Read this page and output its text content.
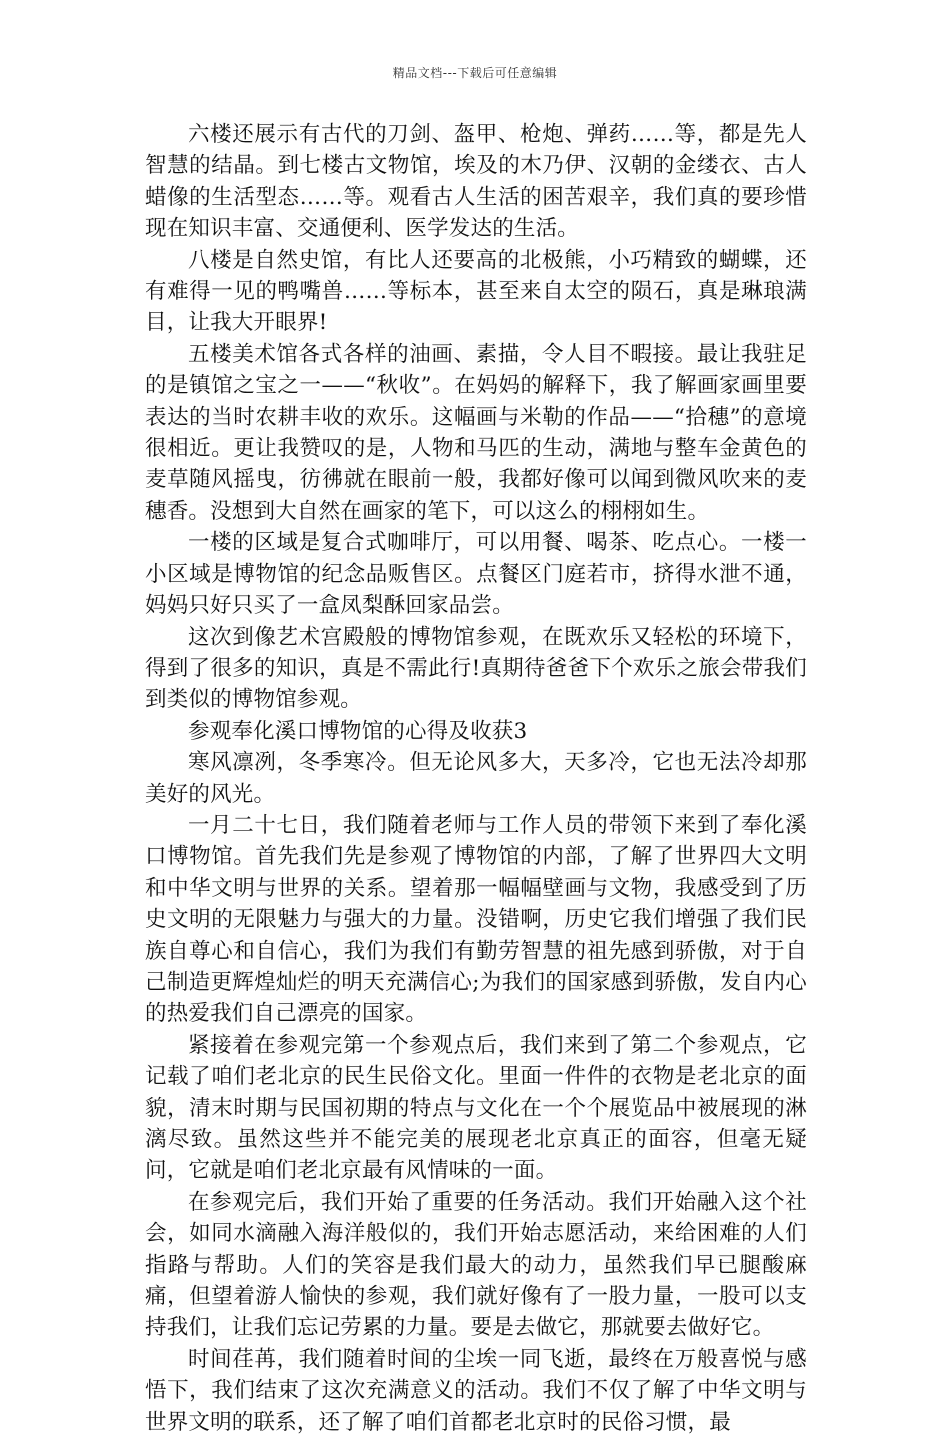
精品文档---下载后可任意编辑

六楼还展示有古代的刀剑、盔甲、枪炮、弹药……等，都是先人智慧的结晶。到七楼古文物馆，埃及的木乃伊、汉朝的金缕衣、古人蜡像的生活型态……等。观看古人生活的困苦艰辛，我们真的要珍惜现在知识丰富、交通便利、医学发达的生活。

八楼是自然史馆，有比人还要高的北极熊，小巧精致的蝴蝶，还有难得一见的鸭嘴兽……等标本，甚至来自太空的陨石，真是琳琅满目，让我大开眼界!

五楼美术馆各式各样的油画、素描，令人目不暇接。最让我驻足的是镇馆之宝之一——“秋收”。在妈妈的解释下，我了解画家画里要表达的当时农耕丰收的欢乐。这幅画与米勒的作品——“拾穗”的意境很相近。更让我赞叹的是，人物和马匹的生动，满地与整车金黄色的麦草随风摇曳，彷彿就在眼前一般，我都好像可以闻到微风吹来的麦穗香。没想到大自然在画家的笔下，可以这么的栩栩如生。

一楼的区域是复合式咖啡厅，可以用餐、喝茶、吃点心。一楼一小区域是博物馆的纪念品贩售区。点餐区门庭若市，挤得水泄不通，妈妈只好只买了一盒凤梨酥回家品尝。

这次到像艺术宫殿般的博物馆参观，在既欢乐又轻松的环境下，得到了很多的知识，真是不需此行!真期待爸爸下个欢乐之旅会带我们到类似的博物馆参观。

参观奉化溪口博物馆的心得及收获3

寒风凛冽，冬季寒冷。但无论风多大，天多冷，它也无法冷却那美好的风光。

一月二十七日，我们随着老师与工作人员的带领下来到了奉化溪口博物馆。首先我们先是参观了博物馆的内部，了解了世界四大文明和中华文明与世界的关系。望着那一幅幅壁画与文物，我感受到了历史文明的无限魅力与强大的力量。没错啊，历史它我们增强了我们民族自尊心和自信心，我们为我们有勤劳智慧的祖先感到骄傲，对于自己制造更辉煌灿烂的明天充满信心;为我们的国家感到骄傲，发自内心的热爱我们自己漂亮的国家。

紧接着在参观完第一个参观点后，我们来到了第二个参观点，它记载了咱们老北京的民生民俗文化。里面一件件的衣物是老北京的面貌，清末时期与民国初期的特点与文化在一个个展览品中被展现的淋漓尽致。虽然这些并不能完美的展现老北京真正的面容，但毫无疑问，它就是咱们老北京最有风情味的一面。

在参观完后，我们开始了重要的任务活动。我们开始融入这个社会，如同水滴融入海洋般似的，我们开始志愿活动，来给困难的人们指路与帮助。人们的笑容是我们最大的动力，虽然我们早已腿酸麻痛，但望着游人愉快的参观，我们就好像有了一股力量，一股可以支持我们，让我们忘记劳累的力量。要是去做它，那就要去做好它。

时间荏苒，我们随着时间的尘埃一同飞逝，最终在万般喜悦与感悟下，我们结束了这次充满意义的活动。我们不仅了解了中华文明与世界文明的联系，还了解了咱们首都老北京时的民俗习惯，最
